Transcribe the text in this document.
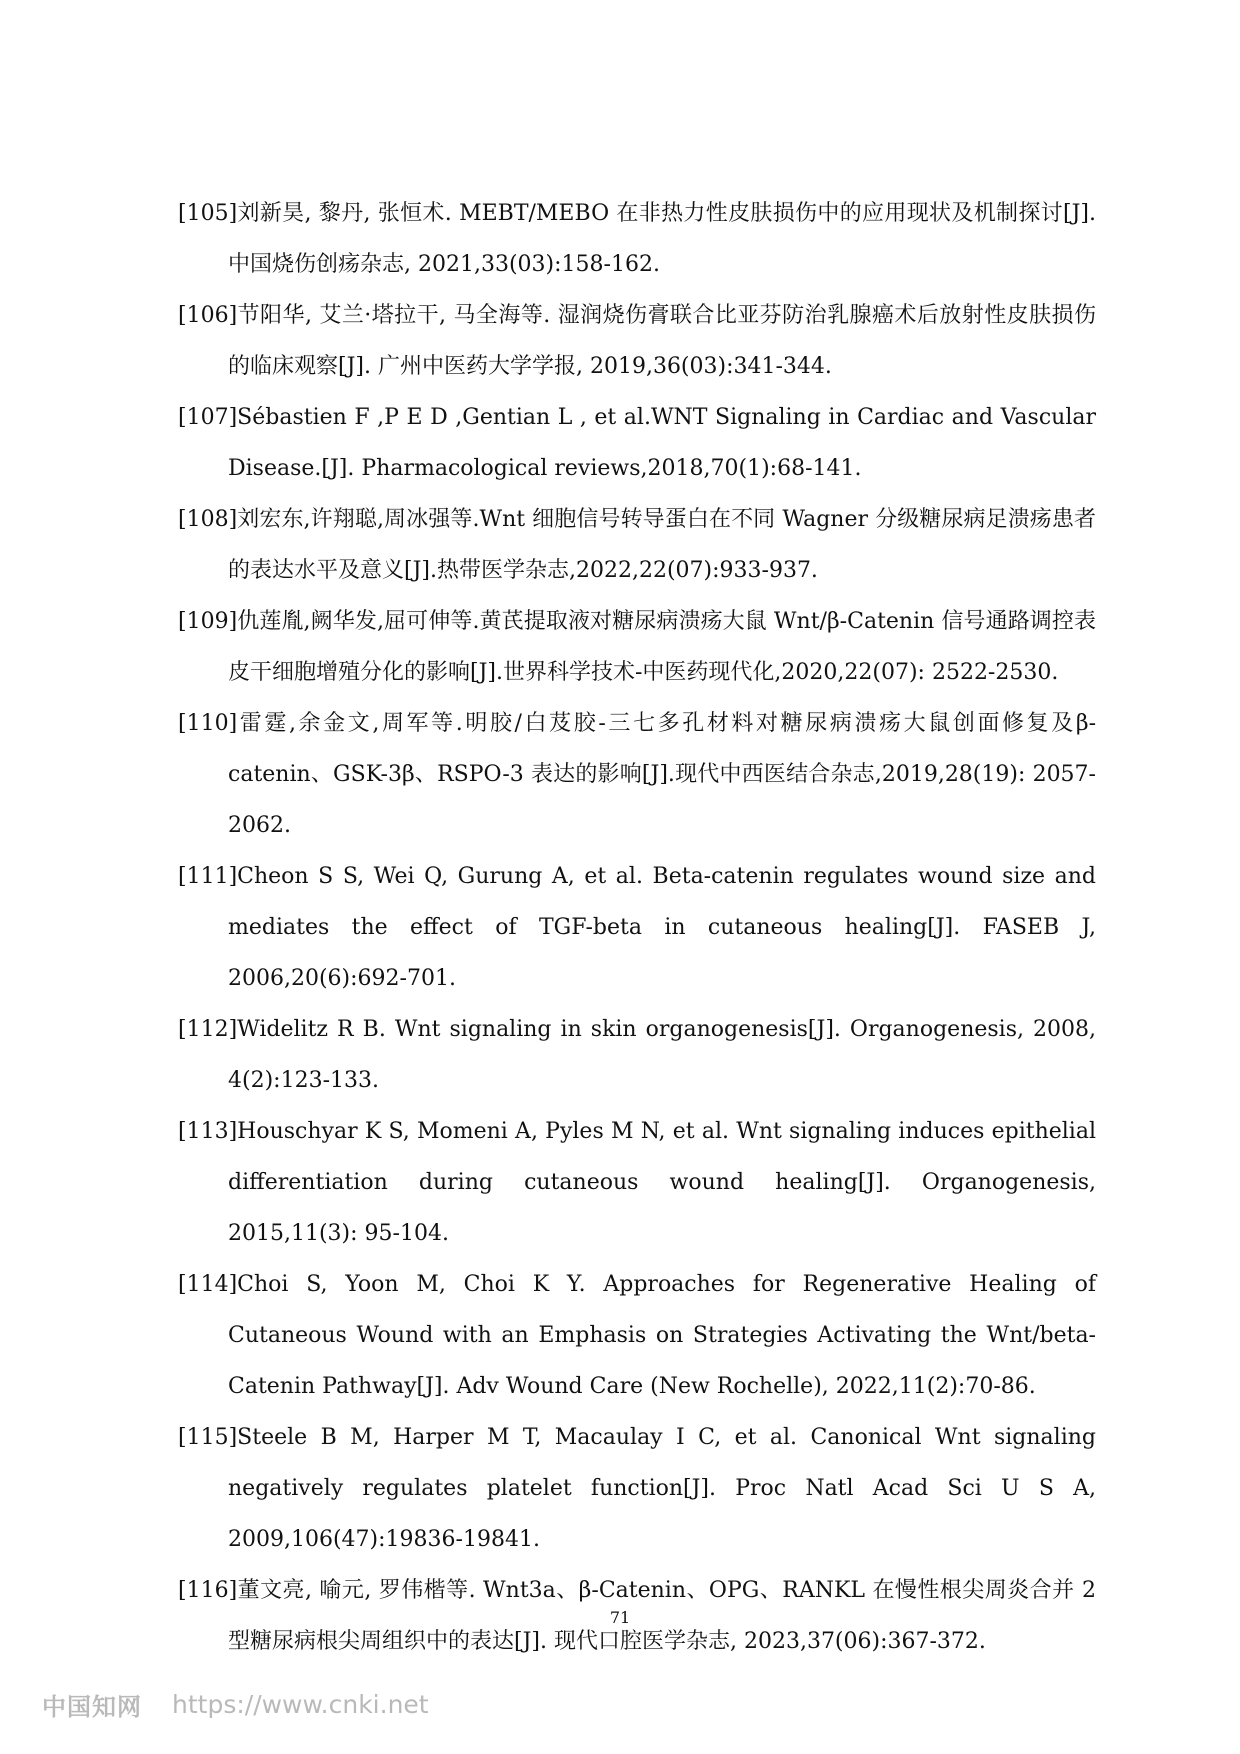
[105]刘新昊, 黎丹, 张恒术. MEBT/MEBO 在非热力性皮肤损伤中的应用现状及机制探讨[J]. 中国烧伤创疡杂志, 2021,33(03):158-162.

[106]节阳华, 艾兰·塔拉干, 马全海等. 湿润烧伤膏联合比亚芬防治乳腺癌术后放射性皮肤损伤的临床观察[J]. 广州中医药大学学报, 2019,36(03):341-344.

[107]Sébastien F ,P E D ,Gentian L , et al.WNT Signaling in Cardiac and Vascular Disease.[J]. Pharmacological reviews,2018,70(1):68-141.

[108]刘宏东,许翔聪,周冰强等.Wnt 细胞信号转导蛋白在不同 Wagner 分级糖尿病足溃疡患者的表达水平及意义[J].热带医学杂志,2022,22(07):933-937.

[109]仇莲胤,阙华发,屈可伸等.黄芪提取液对糖尿病溃疡大鼠 Wnt/β-Catenin 信号通路调控表皮干细胞增殖分化的影响[J].世界科学技术-中医药现代化,2020,22(07): 2522-2530.

[110]雷霆,余金文,周军等.明胶/白芨胶-三七多孔材料对糖尿病溃疡大鼠创面修复及β-catenin、GSK-3β、RSPO-3 表达的影响[J].现代中西医结合杂志,2019,28(19): 2057-2062.

[111]Cheon S S, Wei Q, Gurung A, et al. Beta-catenin regulates wound size and mediates the effect of TGF-beta in cutaneous healing[J]. FASEB J, 2006,20(6):692-701.

[112]Widelitz R B. Wnt signaling in skin organogenesis[J]. Organogenesis, 2008, 4(2):123-133.

[113]Houschyar K S, Momeni A, Pyles M N, et al. Wnt signaling induces epithelial differentiation during cutaneous wound healing[J]. Organogenesis, 2015,11(3): 95-104.

[114]Choi S, Yoon M, Choi K Y. Approaches for Regenerative Healing of Cutaneous Wound with an Emphasis on Strategies Activating the Wnt/beta-Catenin Pathway[J]. Adv Wound Care (New Rochelle), 2022,11(2):70-86.

[115]Steele B M, Harper M T, Macaulay I C, et al. Canonical Wnt signaling negatively regulates platelet function[J]. Proc Natl Acad Sci U S A, 2009,106(47):19836-19841.

[116]董文亮, 喻元, 罗伟楷等. Wnt3a、β-Catenin、OPG、RANKL 在慢性根尖周炎合并 2 型糖尿病根尖周组织中的表达[J]. 现代口腔医学杂志, 2023,37(06):367-372.

71
中国知网 https://www.cnki.net
